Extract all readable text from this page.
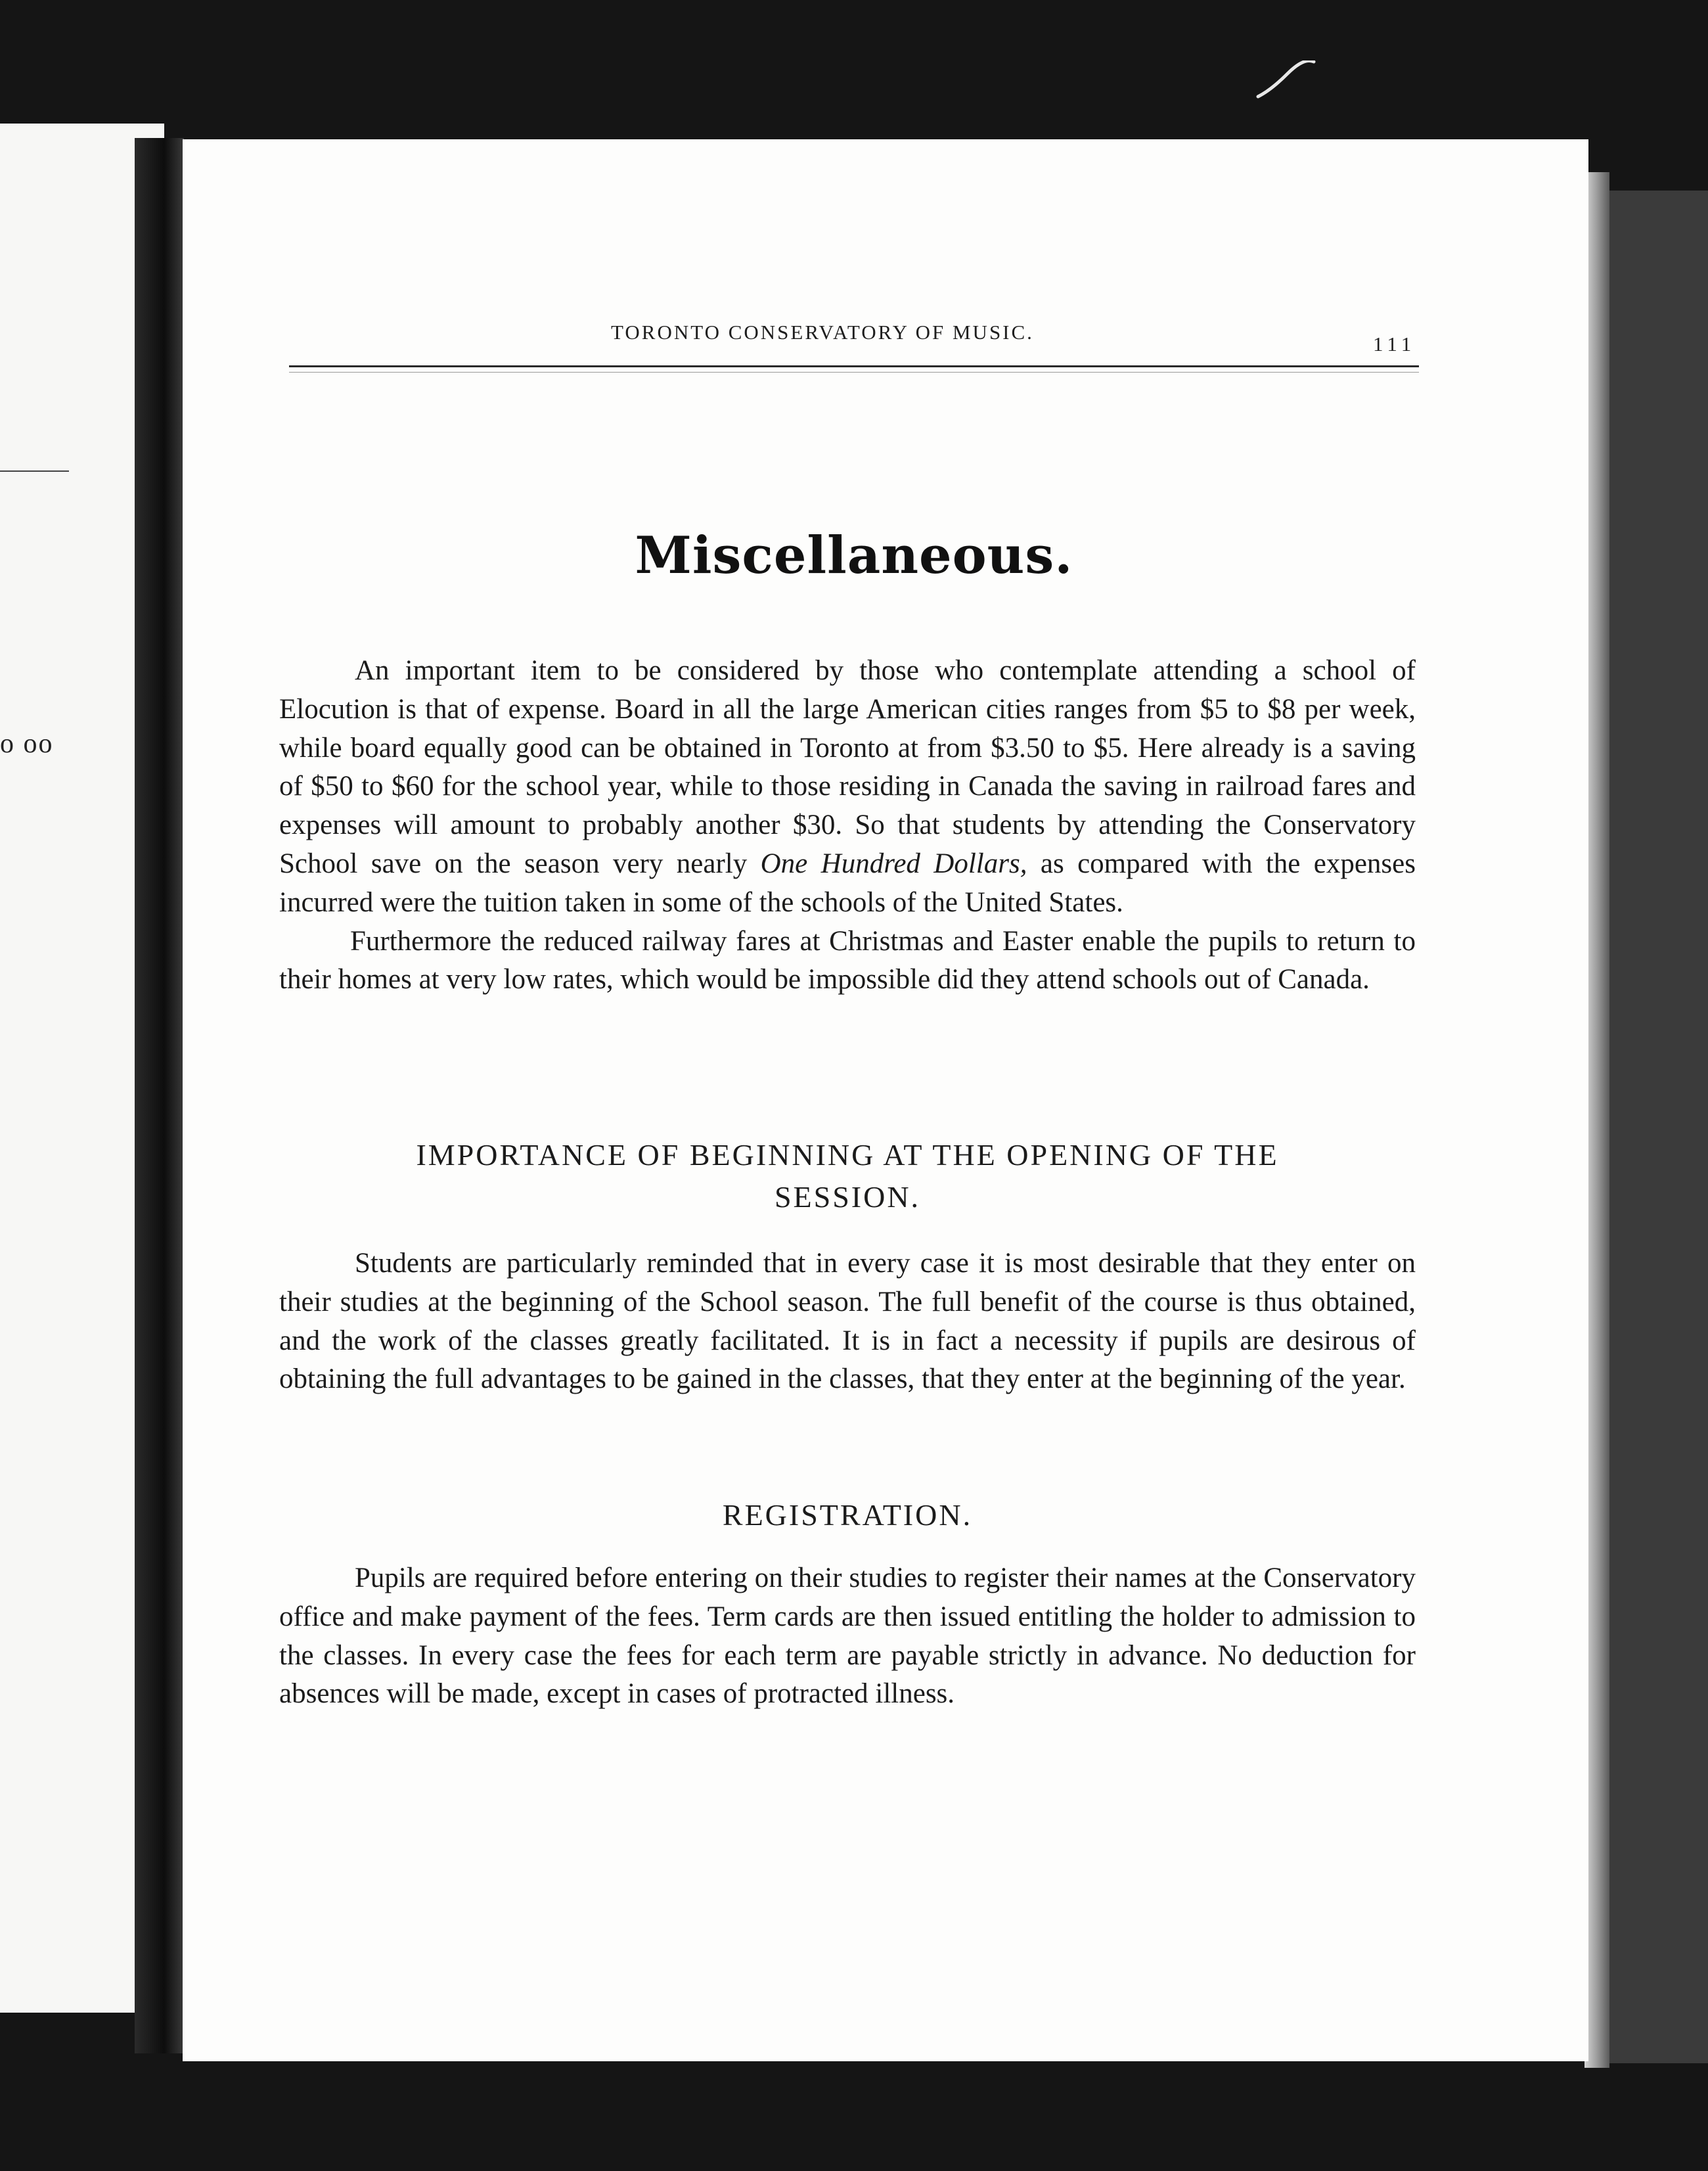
o oo
TORONTO CONSERVATORY OF MUSIC.
111
Miscellaneous.

An important item to be considered by those who contemplate attending a school of Elocution is that of expense. Board in all the large American cities ranges from $5 to $8 per week, while board equally good can be obtained in Toronto at from $3.50 to $5. Here already is a saving of $50 to $60 for the school year, while to those residing in Canada the saving in railroad fares and expenses will amount to probably another $30. So that students by attending the Conservatory School save on the season very nearly One Hundred Dollars, as compared with the expenses incurred were the tuition taken in some of the schools of the United States.

Furthermore the reduced railway fares at Christmas and Easter enable the pupils to return to their homes at very low rates, which would be impossible did they attend schools out of Canada.

IMPORTANCE OF BEGINNING AT THE OPENING OF THE
SESSION.

Students are particularly reminded that in every case it is most desirable that they enter on their studies at the beginning of the School season. The full benefit of the course is thus obtained, and the work of the classes greatly facilitated. It is in fact a necessity if pupils are desirous of obtaining the full advantages to be gained in the classes, that they enter at the beginning of the year.

REGISTRATION.

Pupils are required before entering on their studies to register their names at the Conservatory office and make payment of the fees. Term cards are then issued entitling the holder to admission to the classes. In every case the fees for each term are payable strictly in advance. No deduction for absences will be made, except in cases of protracted illness.
